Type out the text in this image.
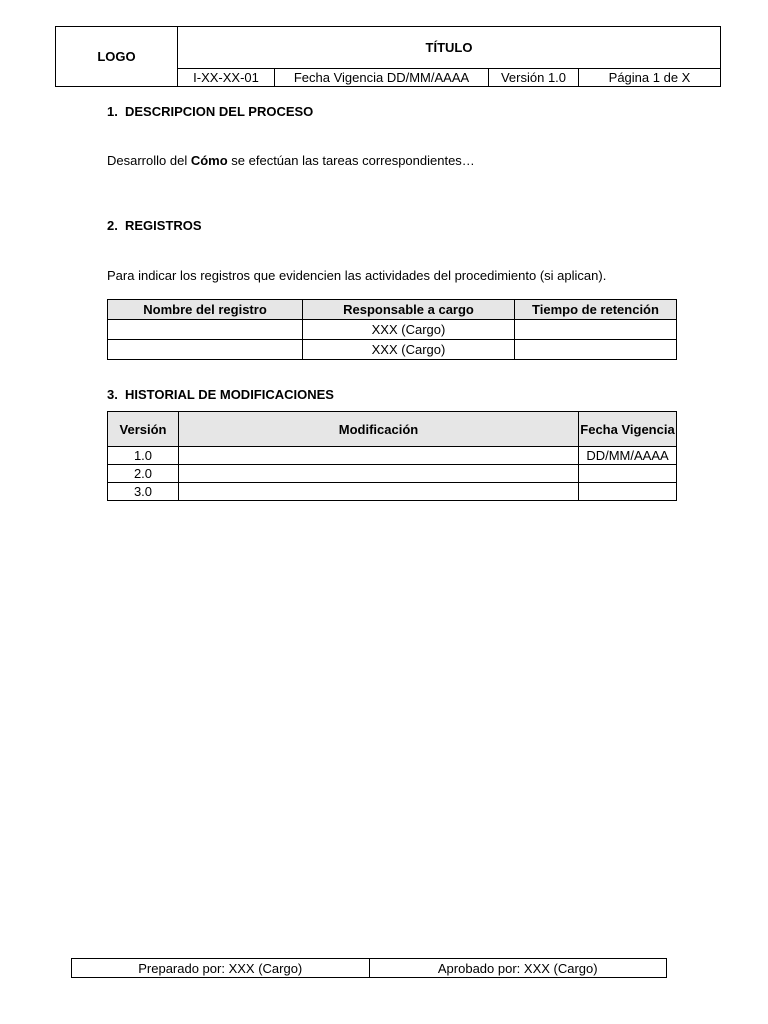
LOGO	TÍTULO			
	I-XX-XX-01	Fecha Vigencia DD/MM/AAAA	Versión 1.0	Página 1 de X
1. DESCRIPCION DEL PROCESO
Desarrollo del Cómo se efectúan las tareas correspondientes…
2. REGISTROS
Para indicar los registros que evidencien las actividades del procedimiento (si aplican).
Nombre del registro	Responsable a cargo	Tiempo de retención
	XXX (Cargo)	
	XXX (Cargo)	
3. HISTORIAL DE MODIFICACIONES
Versión	Modificación	Fecha Vigencia
1.0		DD/MM/AAAA
2.0		
3.0		
Preparado por: XXX (Cargo)	Aprobado por: XXX (Cargo)
